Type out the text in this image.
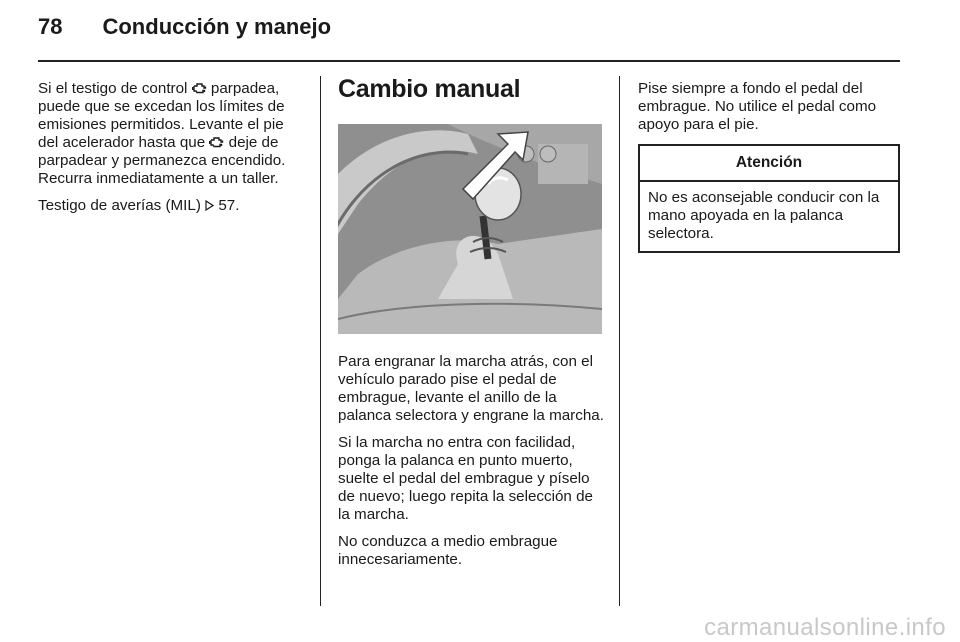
78 Conducción y manejo

Si el testigo de control  parpadea, puede que se excedan los límites de emisiones permitidos. Levante el pie del acelerador hasta que  deje de parpadear y permanezca encendido. Recurra inmediatamente a un taller.

Testigo de averías (MIL)  57.

Cambio manual

Para engranar la marcha atrás, con el vehículo parado pise el pedal de embrague, levante el anillo de la palanca selectora y engrane la marcha.

Si la marcha no entra con facilidad, ponga la palanca en punto muerto, suelte el pedal del embrague y píselo de nuevo; luego repita la selección de la marcha.

No conduzca a medio embrague innecesariamente.

Pise siempre a fondo el pedal del embrague. No utilice el pedal como apoyo para el pie.

Atención
No es aconsejable conducir con la mano apoyada en la palanca selectora.
carmanualsonline.info
